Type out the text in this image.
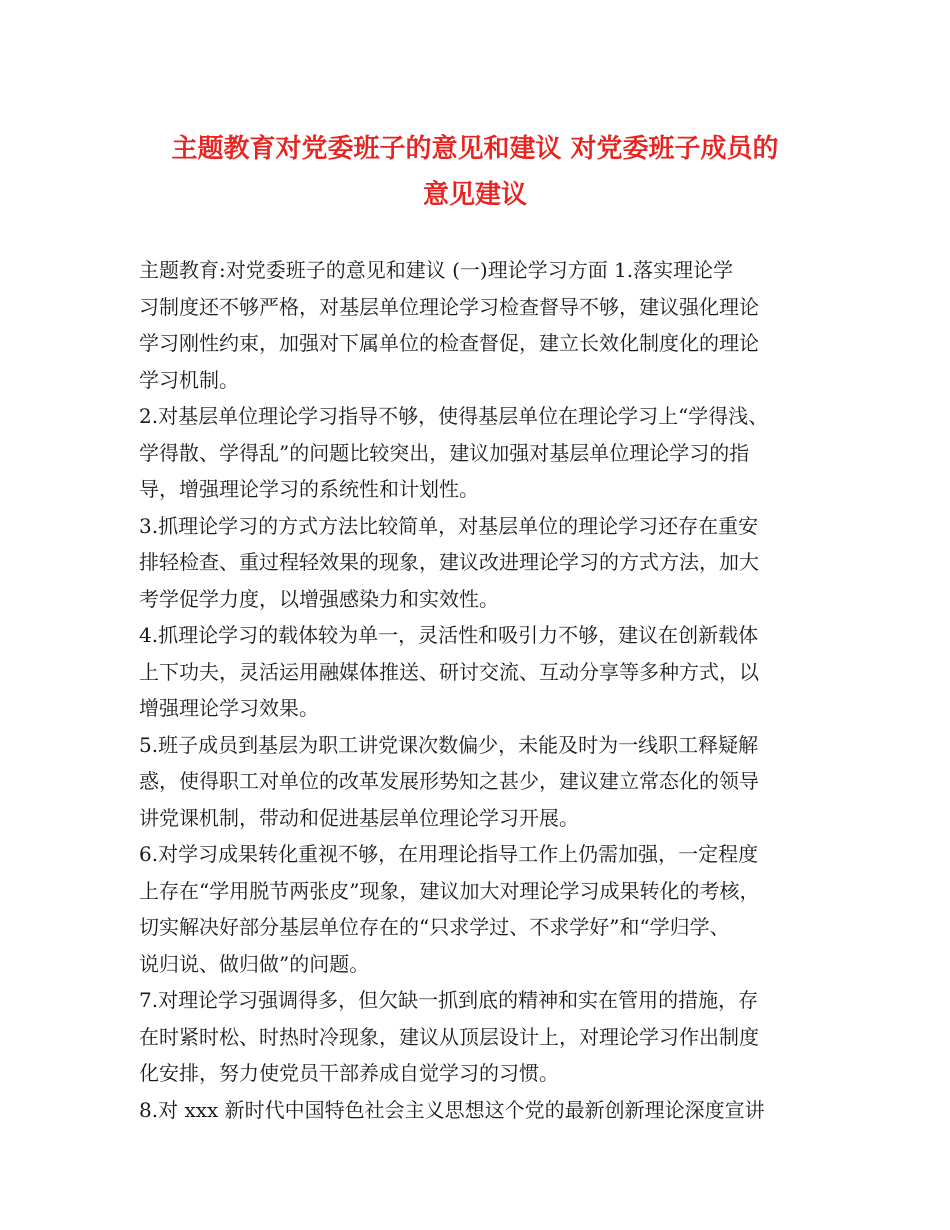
主题教育对党委班子的意见和建议 对党委班子成员的
意见建议
主题教育:对党委班子的意见和建议 (一)理论学习方面 1.落实理论学
习制度还不够严格，对基层单位理论学习检查督导不够，建议强化理论
学习刚性约束，加强对下属单位的检查督促，建立长效化制度化的理论
学习机制。
2.对基层单位理论学习指导不够，使得基层单位在理论学习上“学得浅、
学得散、学得乱”的问题比较突出，建议加强对基层单位理论学习的指
导，增强理论学习的系统性和计划性。
3.抓理论学习的方式方法比较简单，对基层单位的理论学习还存在重安
排轻检查、重过程轻效果的现象，建议改进理论学习的方式方法，加大
考学促学力度，以增强感染力和实效性。
4.抓理论学习的载体较为单一，灵活性和吸引力不够，建议在创新载体
上下功夫，灵活运用融媒体推送、研讨交流、互动分享等多种方式，以
增强理论学习效果。
5.班子成员到基层为职工讲党课次数偏少，未能及时为一线职工释疑解
惑，使得职工对单位的改革发展形势知之甚少，建议建立常态化的领导
讲党课机制，带动和促进基层单位理论学习开展。
6.对学习成果转化重视不够，在用理论指导工作上仍需加强，一定程度
上存在“学用脱节两张皮”现象，建议加大对理论学习成果转化的考核，
切实解决好部分基层单位存在的“只求学过、不求学好”和“学归学、
说归说、做归做”的问题。
7.对理论学习强调得多，但欠缺一抓到底的精神和实在管用的措施，存
在时紧时松、时热时冷现象，建议从顶层设计上，对理论学习作出制度
化安排，努力使党员干部养成自觉学习的习惯。
8.对 xxx 新时代中国特色社会主义思想这个党的最新创新理论深度宣讲
